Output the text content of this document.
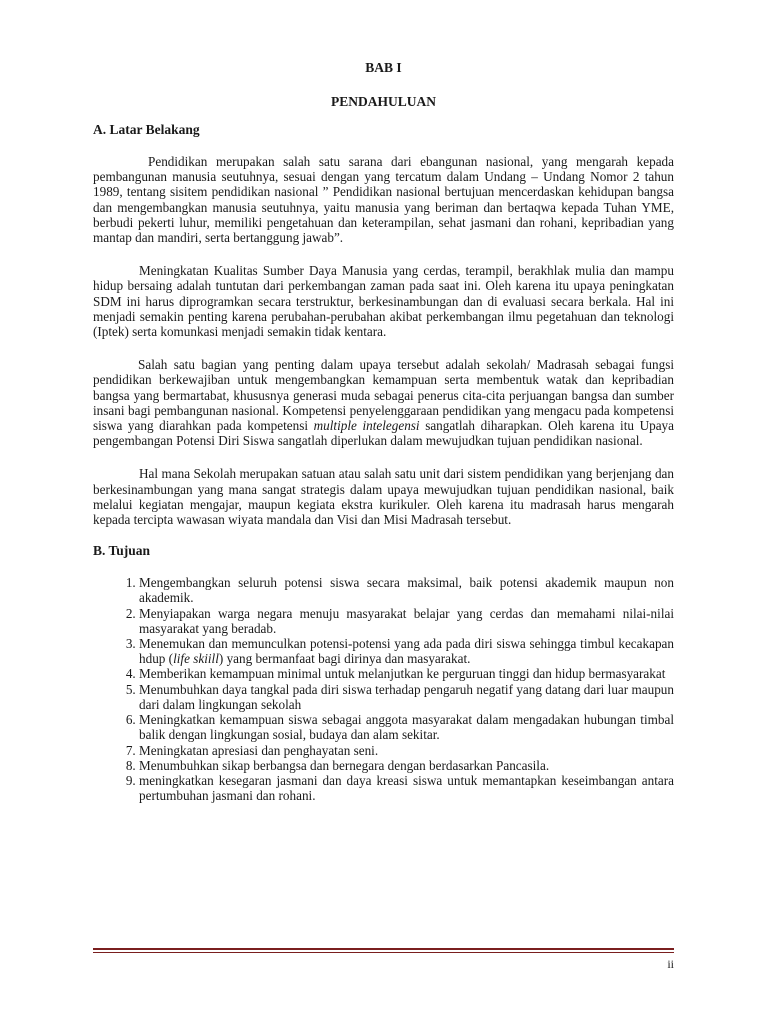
BAB I
PENDAHULUAN
A. Latar Belakang

Pendidikan merupakan salah satu sarana dari ebangunan nasional, yang mengarah kepada pembangunan manusia seutuhnya, sesuai dengan yang tercatum dalam Undang – Undang Nomor 2 tahun 1989, tentang sisitem pendidikan nasional ” Pendidikan nasional bertujuan mencerdaskan kehidupan bangsa dan mengembangkan manusia seutuhnya, yaitu manusia yang beriman dan bertaqwa kepada Tuhan YME, berbudi pekerti luhur, memiliki pengetahuan dan keterampilan, sehat jasmani dan rohani, kepribadian yang mantap dan mandiri, serta bertanggung jawab”.

Meningkatan Kualitas Sumber Daya Manusia yang cerdas, terampil, berakhlak mulia dan mampu hidup bersaing adalah tuntutan dari perkembangan zaman pada saat ini. Oleh karena itu upaya peningkatan SDM ini harus diprogramkan secara terstruktur, berkesinambungan dan di evaluasi secara berkala. Hal ini menjadi semakin penting karena perubahan-perubahan akibat perkembangan ilmu pegetahuan dan teknologi (Iptek) serta komunkasi menjadi semakin tidak kentara.

Salah satu bagian yang penting dalam upaya tersebut adalah sekolah/ Madrasah sebagai fungsi pendidikan berkewajiban untuk mengembangkan kemampuan serta membentuk watak dan kepribadian bangsa yang bermartabat, khususnya generasi muda sebagai penerus cita-cita perjuangan bangsa dan sumber insani bagi pembangunan nasional. Kompetensi penyelenggaraan pendidikan yang mengacu pada kompetensi siswa yang diarahkan pada kompetensi multiple intelegensi sangatlah diharapkan. Oleh karena itu Upaya pengembangan Potensi Diri Siswa sangatlah diperlukan dalam mewujudkan tujuan pendidikan nasional.

Hal mana Sekolah merupakan satuan atau salah satu unit dari sistem pendidikan yang berjenjang dan berkesinambungan yang mana sangat strategis dalam upaya mewujudkan tujuan pendidikan nasional, baik melalui kegiatan mengajar, maupun kegiata ekstra kurikuler. Oleh karena itu madrasah harus mengarah kepada tercipta wawasan wiyata mandala dan Visi dan Misi Madrasah tersebut.

B. Tujuan
1. Mengembangkan seluruh potensi siswa secara maksimal, baik potensi akademik maupun non akademik.
2. Menyiapakan warga negara menuju masyarakat belajar yang cerdas dan memahami nilai-nilai masyarakat yang beradab.
3. Menemukan dan memunculkan potensi-potensi yang ada pada diri siswa sehingga timbul kecakapan hdup (life skiill) yang bermanfaat bagi dirinya dan masyarakat.
4. Memberikan kemampuan minimal untuk melanjutkan ke perguruan tinggi dan hidup bermasyarakat
5. Menumbuhkan daya tangkal pada diri siswa terhadap pengaruh negatif yang datang dari luar maupun dari dalam lingkungan sekolah
6. Meningkatkan kemampuan siswa sebagai anggota masyarakat dalam mengadakan hubungan timbal balik dengan lingkungan sosial, budaya dan alam sekitar.
7. Meningkatan apresiasi dan penghayatan seni.
8. Menumbuhkan sikap berbangsa dan bernegara dengan berdasarkan Pancasila.
9. meningkatkan kesegaran jasmani dan daya kreasi siswa untuk memantapkan keseimbangan antara pertumbuhan jasmani dan rohani.
ii
